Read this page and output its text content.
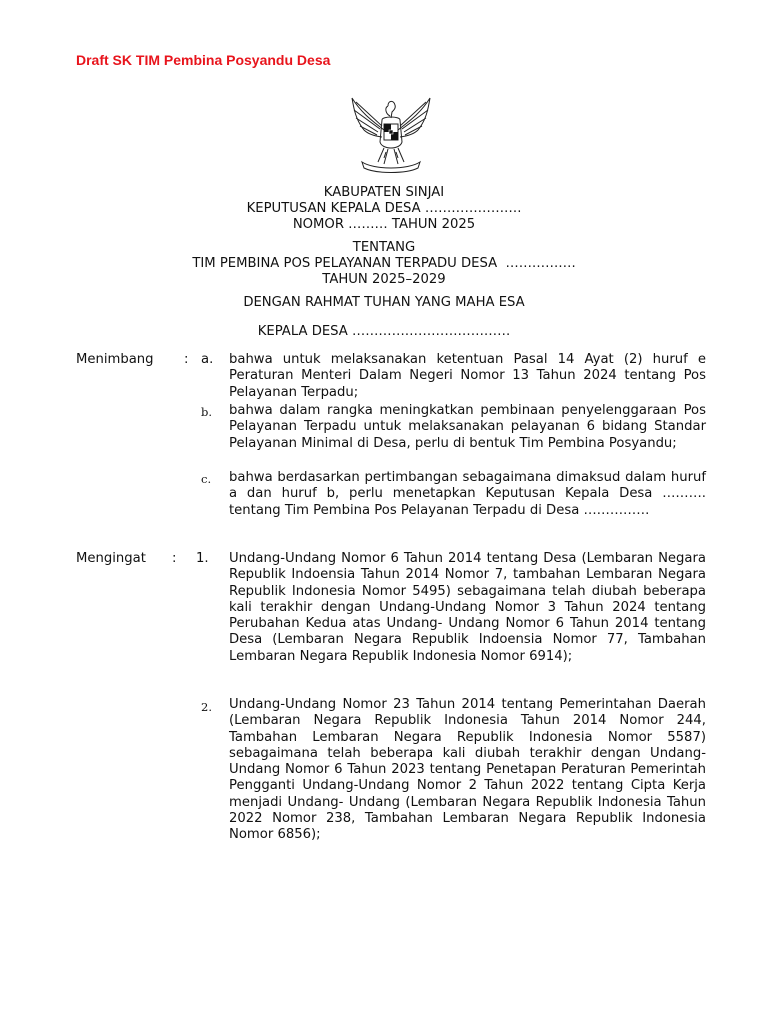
Draft SK TIM Pembina Posyandu Desa
KABUPATEN SINJAI
KEPUTUSAN KEPALA DESA ………………….
NOMOR ……… TAHUN 2025
TENTANG
TIM PEMBINA POS PELAYANAN TERPADU DESA  …………….
TAHUN 2025–2029
DENGAN RAHMAT TUHAN YANG MAHA ESA
KEPALA DESA ………………………………
Menimbang : a. bahwa untuk melaksanakan ketentuan Pasal 14 Ayat (2) huruf e Peraturan Menteri Dalam Negeri Nomor 13 Tahun 2024 tentang Pos Pelayanan Terpadu;

b. bahwa dalam rangka meningkatkan pembinaan penyelenggaraan Pos Pelayanan Terpadu untuk melaksanakan pelayanan 6 bidang Standar Pelayanan Minimal di Desa, perlu di bentuk Tim Pembina Posyandu;

c. bahwa berdasarkan pertimbangan sebagaimana dimaksud dalam huruf a dan huruf b, perlu menetapkan Keputusan Kepala Desa ………. tentang Tim Pembina Pos Pelayanan Terpadu di Desa ……………

Mengingat : 1. Undang-Undang Nomor 6 Tahun 2014 tentang Desa (Lembaran Negara Republik Indoensia Tahun 2014 Nomor 7, tambahan Lembaran Negara Republik Indonesia Nomor 5495) sebagaimana telah diubah beberapa kali terakhir dengan Undang-Undang Nomor 3 Tahun 2024 tentang Perubahan Kedua atas Undang- Undang Nomor 6 Tahun 2014 tentang Desa (Lembaran Negara Republik Indoensia Nomor 77, Tambahan Lembaran Negara Republik Indonesia Nomor 6914);

2. Undang-Undang Nomor 23 Tahun 2014 tentang Pemerintahan Daerah (Lembaran Negara Republik Indonesia Tahun 2014 Nomor 244, Tambahan Lembaran Negara Republik Indonesia Nomor 5587) sebagaimana telah beberapa kali diubah terakhir dengan Undang-Undang Nomor 6 Tahun 2023 tentang Penetapan Peraturan Pemerintah Pengganti Undang-Undang Nomor 2 Tahun 2022 tentang Cipta Kerja menjadi Undang- Undang (Lembaran Negara Republik Indonesia Tahun 2022 Nomor 238, Tambahan Lembaran Negara Republik Indonesia Nomor 6856);
